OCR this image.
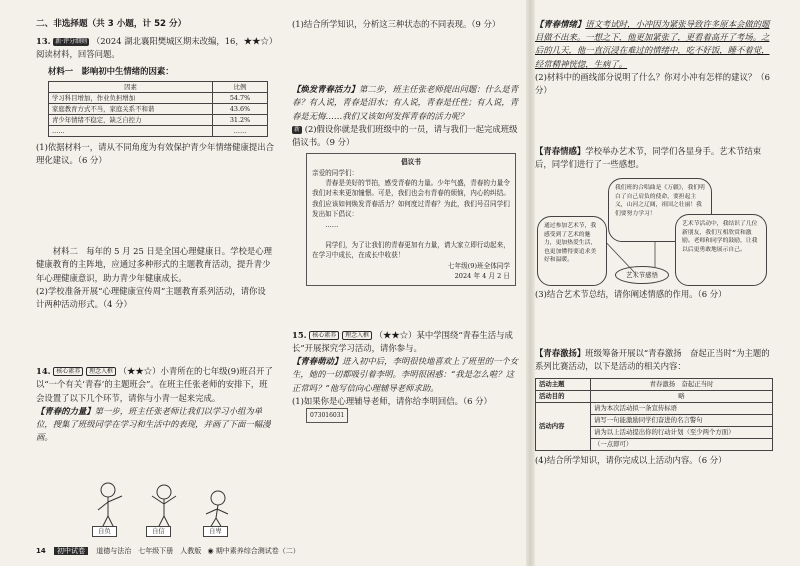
二、非选择题（共 3 小题，计 52 分）

13. 新·评分细则 （2024 湖北襄阳樊城区期末改编，16，★★☆）阅读材料，回答问题。

材料一　影响初中生情绪的因素：

因素	比例
学习科目增加，作业负担增加	54.7%
家庭教育方式不当，家庭关系不和谐	43.6%
青少年情绪不稳定，缺乏自控力	31.2%
……	……

(1)依据材料一，请从不同角度为有效保护青少年情绪健康提出合理化建议。（6 分）

材料二　每年的 5 月 25 日是全国心理健康日。学校是心理健康教育的主阵地，应通过多种形式的主题教育活动，提升青少年心理健康意识，助力青少年健康成长。

(2)学校准备开展“心理健康宣传周”主题教育系列活动，请你设计两种活动形式。（4 分）

14. 核心素养 理念入框 （★★☆）小青所在的七年级(9)班召开了以“一个有关‘青春’的主题班会”。在班主任张老师的安排下，班会设置了以下几个环节，请你与小青一起来完成。

【青春的力量】第一步，班主任张老师让我们以学习小组为单位，搜集了班级同学在学习和生活中的表现，并画了下面一幅漫画。

自负	自信	自卑

(1)结合所学知识，分析这三种状态的不同表现。（9 分）

【焕发青春活力】第二步，班主任张老师提出问题：什么是青春？有人说，青春是泪水；有人说，青春是任性；有人说，青春是无悔……我们又该如何发挥青春的活力呢？

新 (2)假设你就是我们班级中的一员，请与我们一起完成班级倡议书。（9 分）

倡议书

亲爱的同学们：

青春是美好的节拍，感受青春的力量。少年气盛，青春的力量令我们对未来更加憧憬。可是，我们也会有青春的烦恼，内心的纠结。我们应该如何焕发青春活力？如何度过青春？为此，我们号召同学们发出如下倡议：

……

同学们，为了让我们的青春更加有力量，请大家立即行动起来，在学习中成长，在成长中收获！

七年级(9)班全体同学

2024 年 4 月 2 日

15. 核心素养 理念入框 （★★☆）某中学围绕“青春生活与成长”开展探究学习活动，请你参与。

【青春萌动】进入初中后，李明很快地喜欢上了班里的一个女生，她的一切都吸引着李明。李明很困惑：“我是怎么啦？这正常吗？”他写信向心理辅导老师求助。

(1)如果你是心理辅导老师，请你给李明回信。（6 分）

073016031

【青春情绪】语文考试时，小冲因为紧张导致许多原本会做的题目做不出来。一想之下，他更加紧张了，更看着高开了考场。之后的几天，他一直沉浸在难过的情绪中，吃不好饭，睡不着觉，经常精神恍惚，生病了。

(2)材料中的画线部分说明了什么？你对小冲有怎样的建议？（6 分）

【青春情感】学校举办艺术节，同学们各显身手。艺术节结束后，同学们进行了一些感想。

我们班的合唱曲是《万疆》，我们明白了自己肩负的使命，要担起主义，山河之辽阔，祖国之壮丽！我们要努力学习！
通过参加艺术节，我感受到了艺术的魅力，更加热爱生活，也更加懂得要追求美好和温暖。
艺术节活动中，我结识了几位新朋友，我们互相欣赏和激励。老师和同学的鼓励，让我以后更勇敢地展示自己。
艺术节感悟

(3)结合艺术节总结，请你阐述情感的作用。（6 分）

【青春激扬】班级筹备开展以“青春激扬　奋起正当时”为主题的系列比赛活动，以下是活动的相关内容：

活动主题	青春激扬　奋起正当时
活动目的	略
活动内容	请为本次活动拟一条宣传标语
	请写一句能激励同学们奋进的名言警句
	请为以上活动提出你的行动计划（至少两个方面）
	（一点即可）

(4)结合所学知识，请你完成以上活动内容。（6 分）

14 初中试卷 道德与法治　七年级下册　人教版 ◉ 期中素养综合测试卷（二）
